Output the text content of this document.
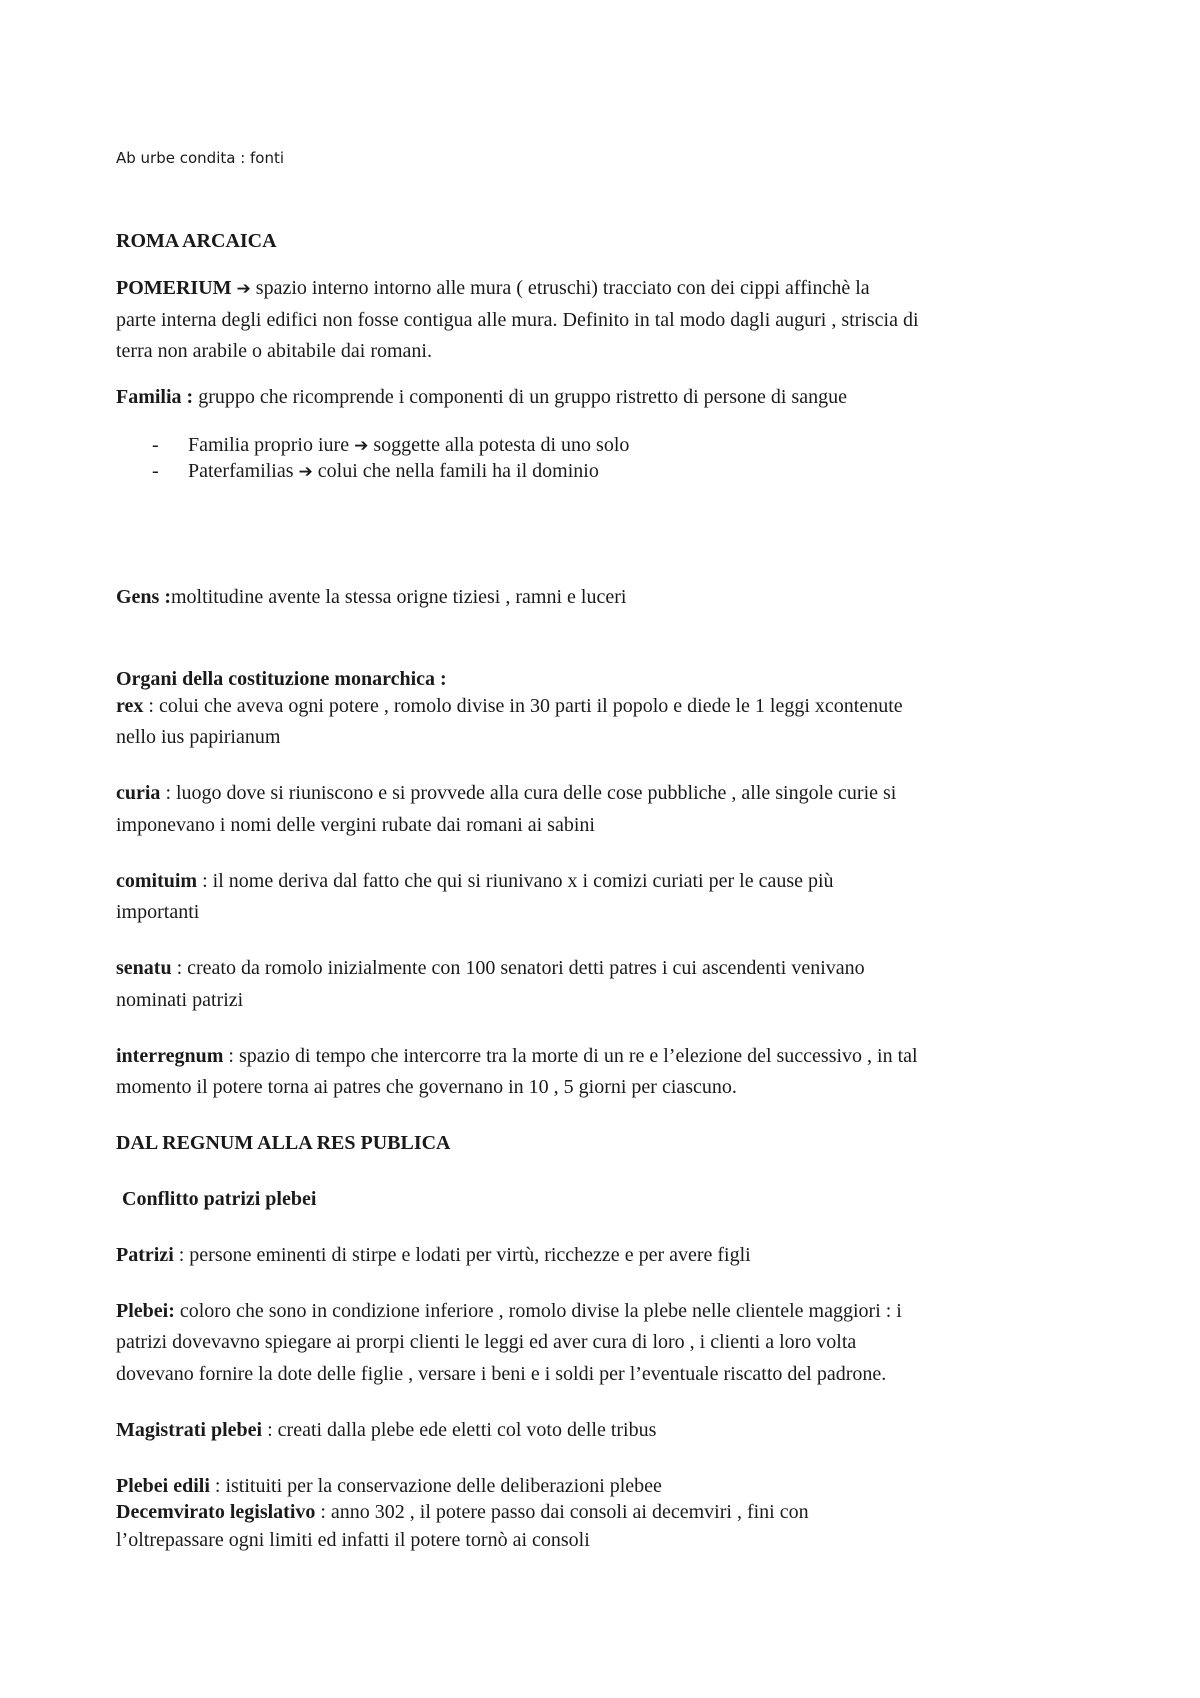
Ab urbe condita : fonti
ROMA ARCAICA
POMERIUM ➔ spazio interno intorno alle mura ( etruschi) tracciato con dei cippi affinchè la
parte interna degli edifici non fosse contigua alle mura. Definito in tal modo dagli auguri , striscia di
terra non arabile o abitabile dai romani.
Familia : gruppo che ricomprende i componenti di un gruppo ristretto di persone di sangue
- Familia proprio iure ➔ soggette alla potesta di uno solo
- Paterfamilias ➔ colui che nella famili ha il dominio
Gens :moltitudine avente la stessa origne tiziesi , ramni e luceri
Organi della costituzione monarchica :
rex : colui che aveva ogni potere , romolo divise in 30 parti il popolo e diede le 1 leggi xcontenute
nello ius papirianum
curia : luogo dove si riuniscono e si provvede alla cura delle cose pubbliche , alle singole curie si
imponevano i nomi delle vergini rubate dai romani ai sabini
comituim : il nome deriva dal fatto che qui si riunivano x i comizi curiati per le cause più
importanti
senatu : creato da romolo inizialmente con 100 senatori detti patres i cui ascendenti venivano
nominati patrizi
interregnum : spazio di tempo che intercorre tra la morte di un re e l’elezione del successivo , in tal
momento il potere torna ai patres che governano in 10 , 5 giorni per ciascuno.
DAL REGNUM ALLA RES PUBLICA
Conflitto patrizi plebei
Patrizi : persone eminenti di stirpe e lodati per virtù, ricchezze e per avere figli
Plebei: coloro che sono in condizione inferiore , romolo divise la plebe nelle clientele maggiori : i
patrizi dovevavno spiegare ai prorpi clienti le leggi ed aver cura di loro , i clienti a loro volta
dovevano fornire la dote delle figlie , versare i beni e i soldi per l’eventuale riscatto del padrone.
Magistrati plebei : creati dalla plebe ede eletti col voto delle tribus
Plebei edili : istituiti per la conservazione delle deliberazioni plebee
Decemvirato legislativo : anno 302 , il potere passo dai consoli ai decemviri , fini con
l’oltrepassare ogni limiti ed infatti il potere tornò ai consoli
